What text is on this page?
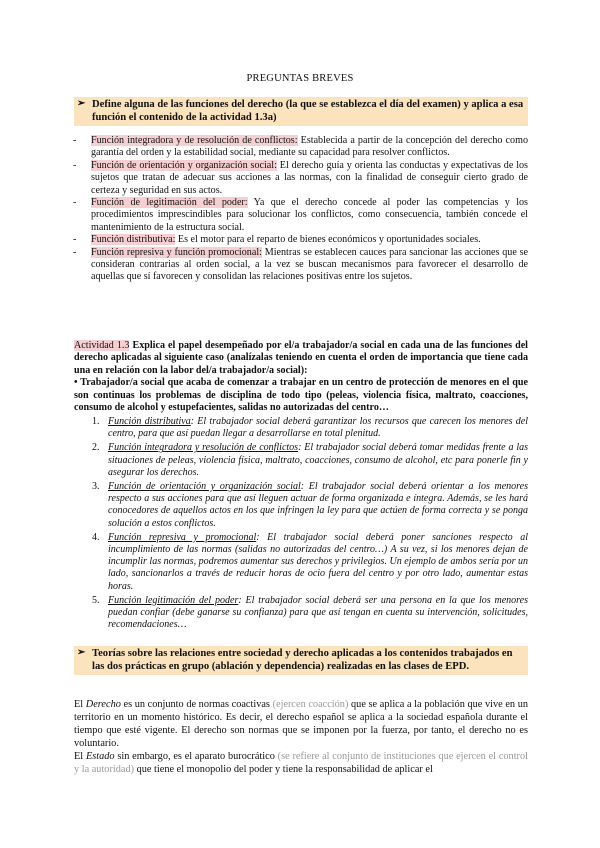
PREGUNTAS BREVES
➢ Define alguna de las funciones del derecho (la que se establezca el día del examen) y aplica a esa función el contenido de la actividad 1.3a)
- Función integradora y de resolución de conflictos: Establecida a partir de la concepción del derecho como garantía del orden y la estabilidad social, mediante su capacidad para resolver conflictos.
- Función de orientación y organización social: El derecho guía y orienta las conductas y expectativas de los sujetos que tratan de adecuar sus acciones a las normas, con la finalidad de conseguir cierto grado de certeza y seguridad en sus actos.
- Función de legitimación del poder: Ya que el derecho concede al poder las competencias y los procedimientos imprescindibles para solucionar los conflictos, como consecuencia, también concede el mantenimiento de la estructura social.
- Función distributiva: Es el motor para el reparto de bienes económicos y oportunidades sociales.
- Función represiva y función promocional: Mientras se establecen cauces para sancionar las acciones que se consideran contrarias al orden social, a la vez se buscan mecanismos para favorecer el desarrollo de aquellas que sí favorecen y consolidan las relaciones positivas entre los sujetos.
Actividad 1.3 Explica el papel desempeñado por el/a trabajador/a social en cada una de las funciones del derecho aplicadas al siguiente caso (analízalas teniendo en cuenta el orden de importancia que tiene cada una en relación con la labor del/a trabajador/a social):
• Trabajador/a social que acaba de comenzar a trabajar en un centro de protección de menores en el que son continuas los problemas de disciplina de todo tipo (peleas, violencia física, maltrato, coacciones, consumo de alcohol y estupefacientes, salidas no autorizadas del centro…
1. Función distributiva: El trabajador social deberá garantizar los recursos que carecen los menores del centro, para que así puedan llegar a desarrollarse en total plenitud.
2. Función integradora y resolución de conflictos: El trabajador social deberá tomar medidas frente a las situaciones de peleas, violencia física, maltrato, coacciones, consumo de alcohol, etc para ponerle fin y asegurar los derechos.
3. Función de orientación y organización social: El trabajador social deberá orientar a los menores respecto a sus acciones para que así lleguen actuar de forma organizada e íntegra. Además, se les hará conocedores de aquellos actos en los que infringen la ley para que actúen de forma correcta y se ponga solución a estos conflictos.
4. Función represiva y promocional: El trabajador social deberá poner sanciones respecto al incumplimiento de las normas (salidas no autorizadas del centro…) A su vez, si los menores dejan de incumplir las normas, podremos aumentar sus derechos y privilegios. Un ejemplo de ambos sería por un lado, sancionarlos a través de reducir horas de ocio fuera del centro y por otro lado, aumentar estas horas.
5. Función legitimación del poder: El trabajador social deberá ser una persona en la que los menores puedan confiar (debe ganarse su confianza) para que así tengan en cuenta su intervención, solicitudes, recomendaciones…
➢ Teorías sobre las relaciones entre sociedad y derecho aplicadas a los contenidos trabajados en las dos prácticas en grupo (ablación y dependencia) realizadas en las clases de EPD.
El Derecho es un conjunto de normas coactivas (ejercen coacción) que se aplica a la población que vive en un territorio en un momento histórico. Es decir, el derecho español se aplica a la sociedad española durante el tiempo que esté vigente. El derecho son normas que se imponen por la fuerza, por tanto, el derecho no es voluntario.
El Estado sin embargo, es el aparato burocrático (se refiere al conjunto de instituciones que ejercen el control y la autoridad) que tiene el monopolio del poder y tiene la responsabilidad de aplicar el
